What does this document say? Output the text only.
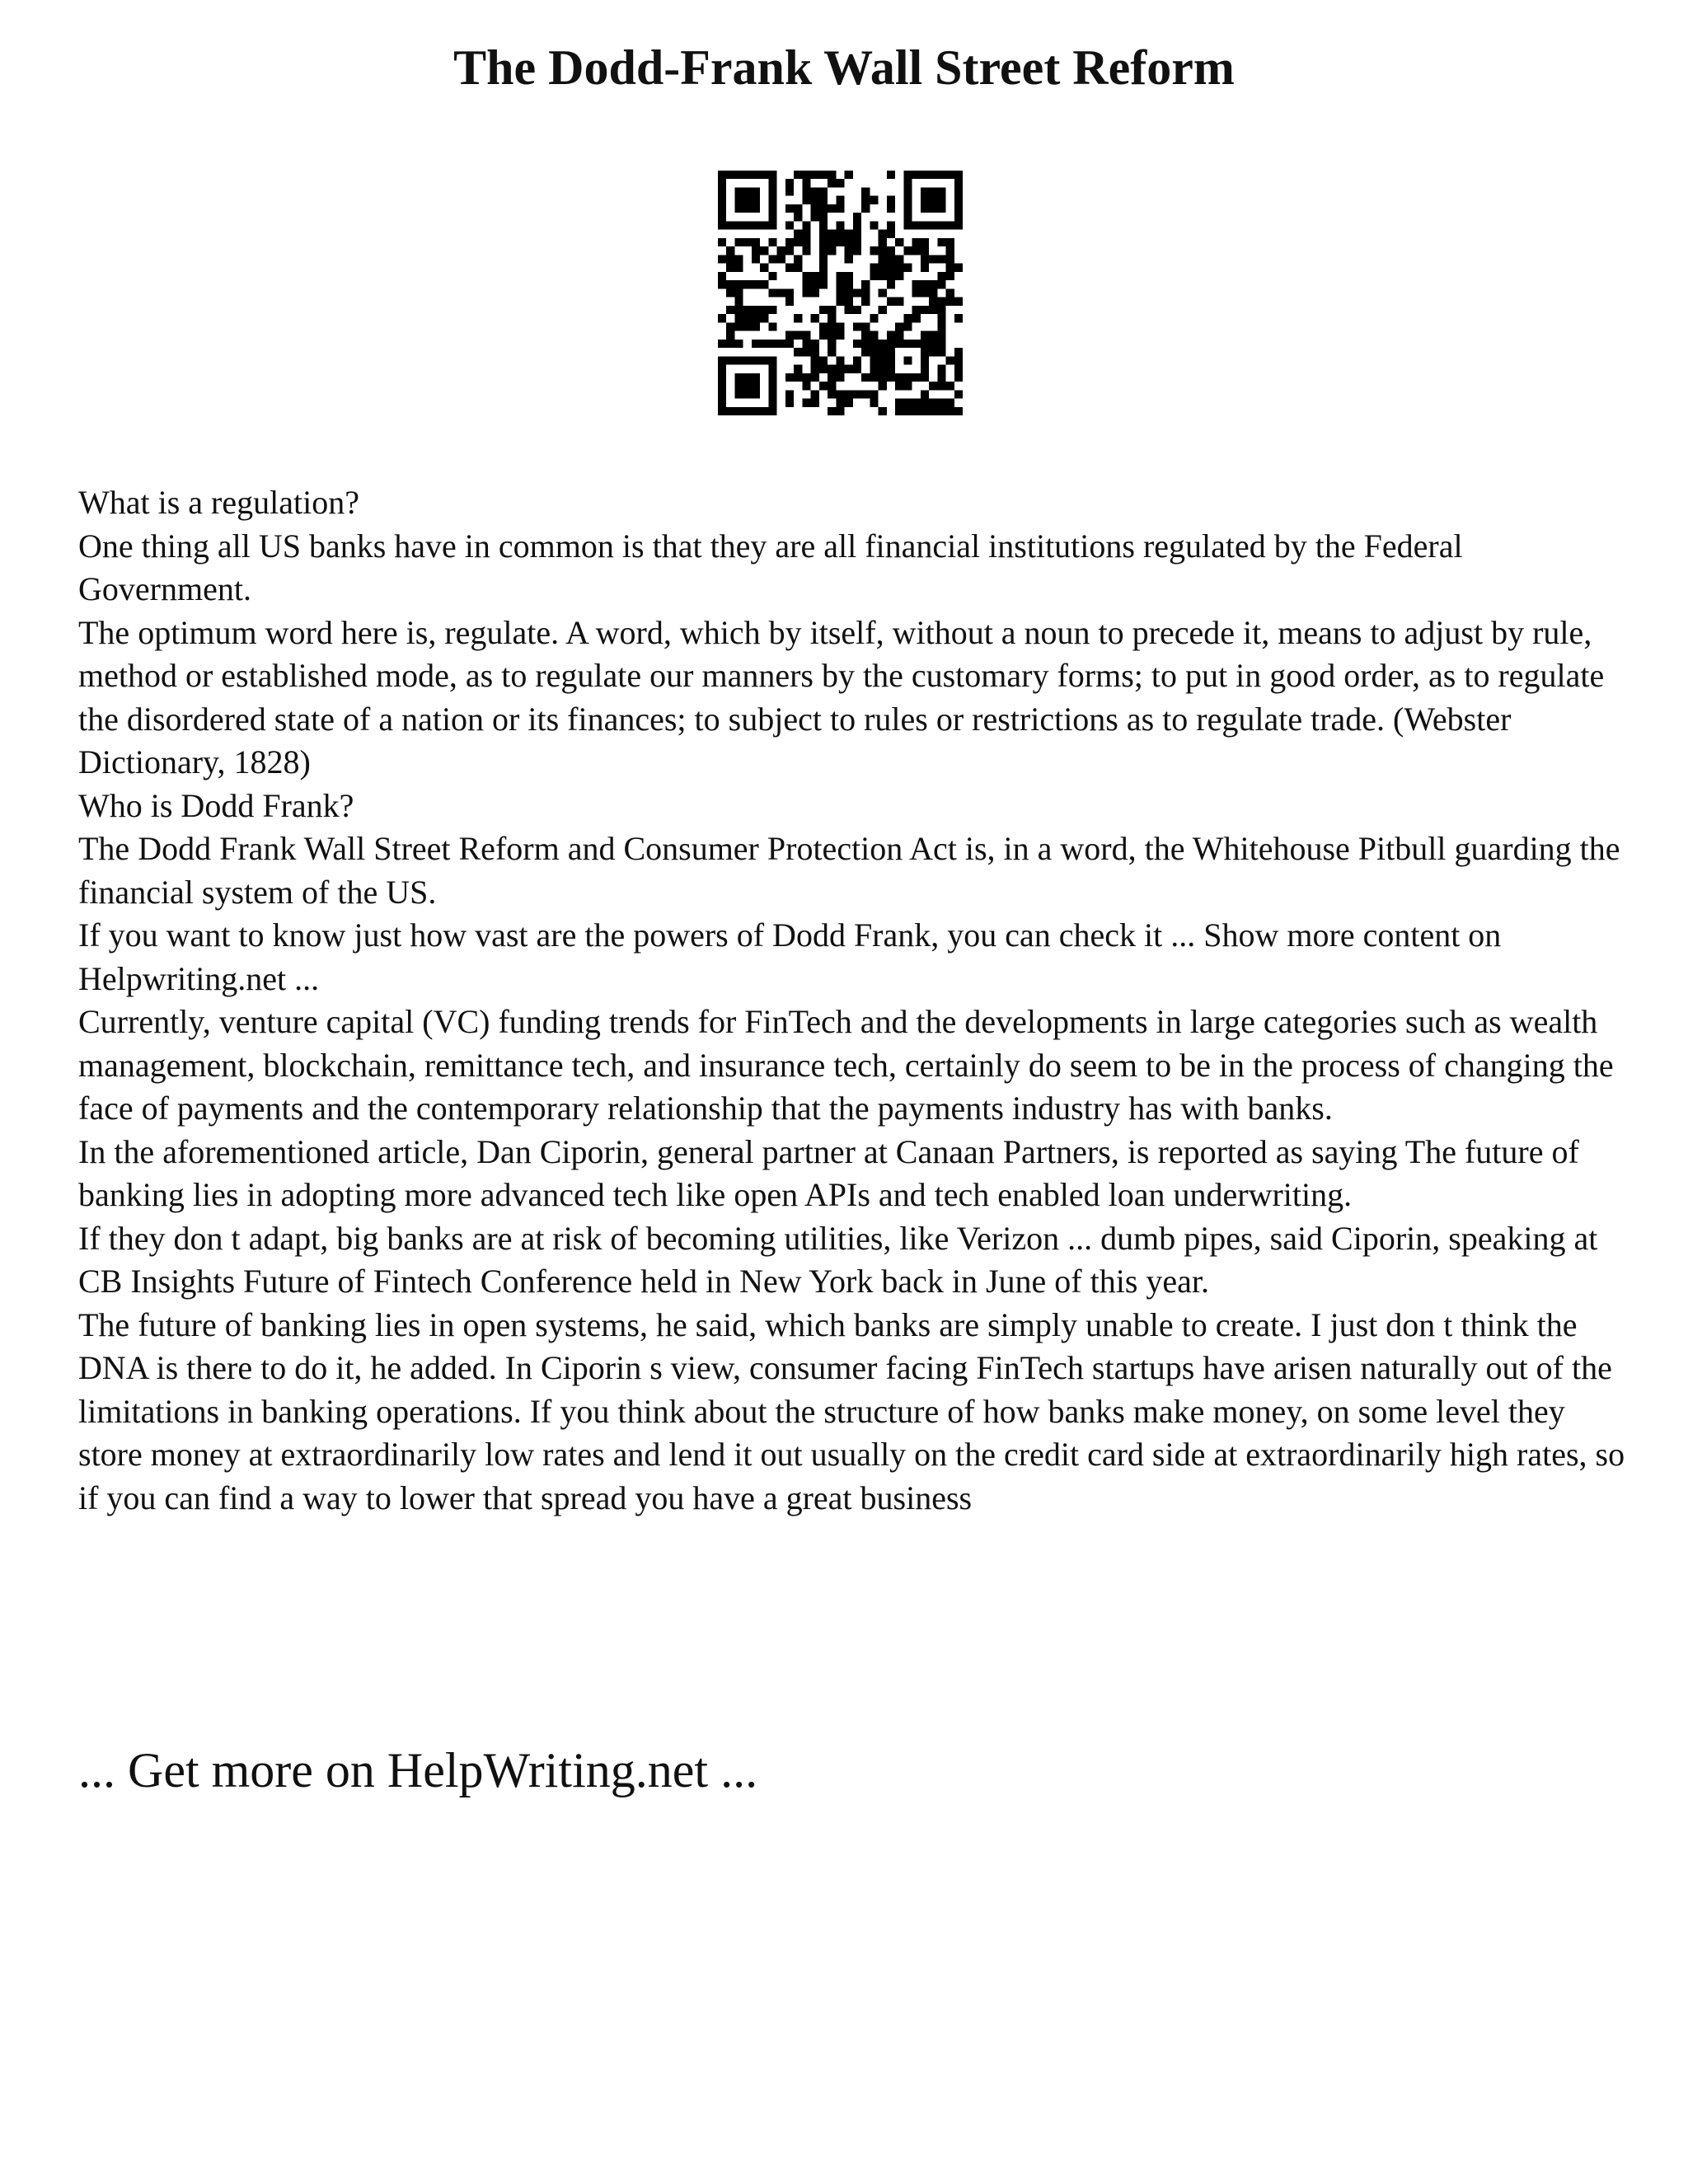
The Dodd-Frank Wall Street Reform

What is a regulation?

One thing all US banks have in common is that they are all financial institutions regulated by the Federal Government.

The optimum word here is, regulate. A word, which by itself, without a noun to precede it, means to adjust by rule, method or established mode, as to regulate our manners by the customary forms; to put in good order, as to regulate the disordered state of a nation or its finances; to subject to rules or restrictions as to regulate trade. (Webster Dictionary, 1828)

Who is Dodd Frank?

The Dodd Frank Wall Street Reform and Consumer Protection Act is, in a word, the Whitehouse Pitbull guarding the financial system of the US.

If you want to know just how vast are the powers of Dodd Frank, you can check it ... Show more content on Helpwriting.net ...

Currently, venture capital (VC) funding trends for FinTech and the developments in large categories such as wealth management, blockchain, remittance tech, and insurance tech, certainly do seem to be in the process of changing the face of payments and the contemporary relationship that the payments industry has with banks.

In the aforementioned article, Dan Ciporin, general partner at Canaan Partners, is reported as saying The future of banking lies in adopting more advanced tech like open APIs and tech enabled loan underwriting.

If they don t adapt, big banks are at risk of becoming utilities, like Verizon ... dumb pipes, said Ciporin, speaking at CB Insights Future of Fintech Conference held in New York back in June of this year.

The future of banking lies in open systems, he said, which banks are simply unable to create. I just don t think the DNA is there to do it, he added. In Ciporin s view, consumer facing FinTech startups have arisen naturally out of the limitations in banking operations. If you think about the structure of how banks make money, on some level they store money at extraordinarily low rates and lend it out usually on the credit card side at extraordinarily high rates, so if you can find a way to lower that spread you have a great business

... Get more on HelpWriting.net ...
